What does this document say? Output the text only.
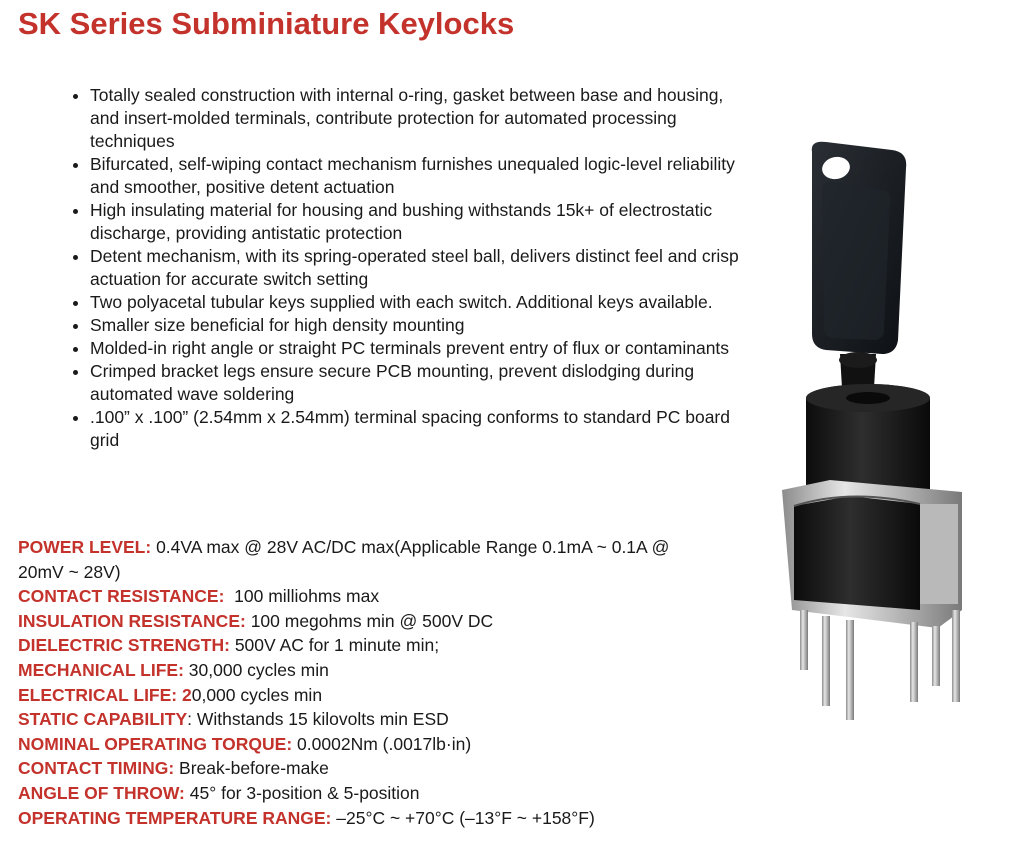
SK Series Subminiature Keylocks
• Totally sealed construction with internal o-ring, gasket between base and housing, and insert-molded terminals, contribute protection for automated processing techniques
• Bifurcated, self-wiping contact mechanism furnishes unequaled logic-level reliability and smoother, positive detent actuation
• High insulating material for housing and bushing withstands 15k+ of electrostatic discharge, providing antistatic protection
• Detent mechanism, with its spring-operated steel ball, delivers distinct feel and crisp actuation for accurate switch setting
• Two polyacetal tubular keys supplied with each switch. Additional keys available.
• Smaller size beneficial for high density mounting
• Molded-in right angle or straight PC terminals prevent entry of flux or contaminants
• Crimped bracket legs ensure secure PCB mounting, prevent dislodging during automated wave soldering
• .100” x .100” (2.54mm x 2.54mm) terminal spacing conforms to standard PC board grid

POWER LEVEL: 0.4VA max @ 28V AC/DC max(Applicable Range 0.1mA ~ 0.1A @ 20mV ~ 28V)

CONTACT RESISTANCE:  100 milliohms max

INSULATION RESISTANCE: 100 megohms min @ 500V DC

DIELECTRIC STRENGTH: 500V AC for 1 minute min;

MECHANICAL LIFE: 30,000 cycles min

ELECTRICAL LIFE: 20,000 cycles min

STATIC CAPABILITY: Withstands 15 kilovolts min ESD

NOMINAL OPERATING TORQUE: 0.0002Nm (.0017lb·in)

CONTACT TIMING: Break-before-make

ANGLE OF THROW: 45° for 3-position & 5-position

OPERATING TEMPERATURE RANGE: –25°C ~ +70°C (–13°F ~ +158°F)
